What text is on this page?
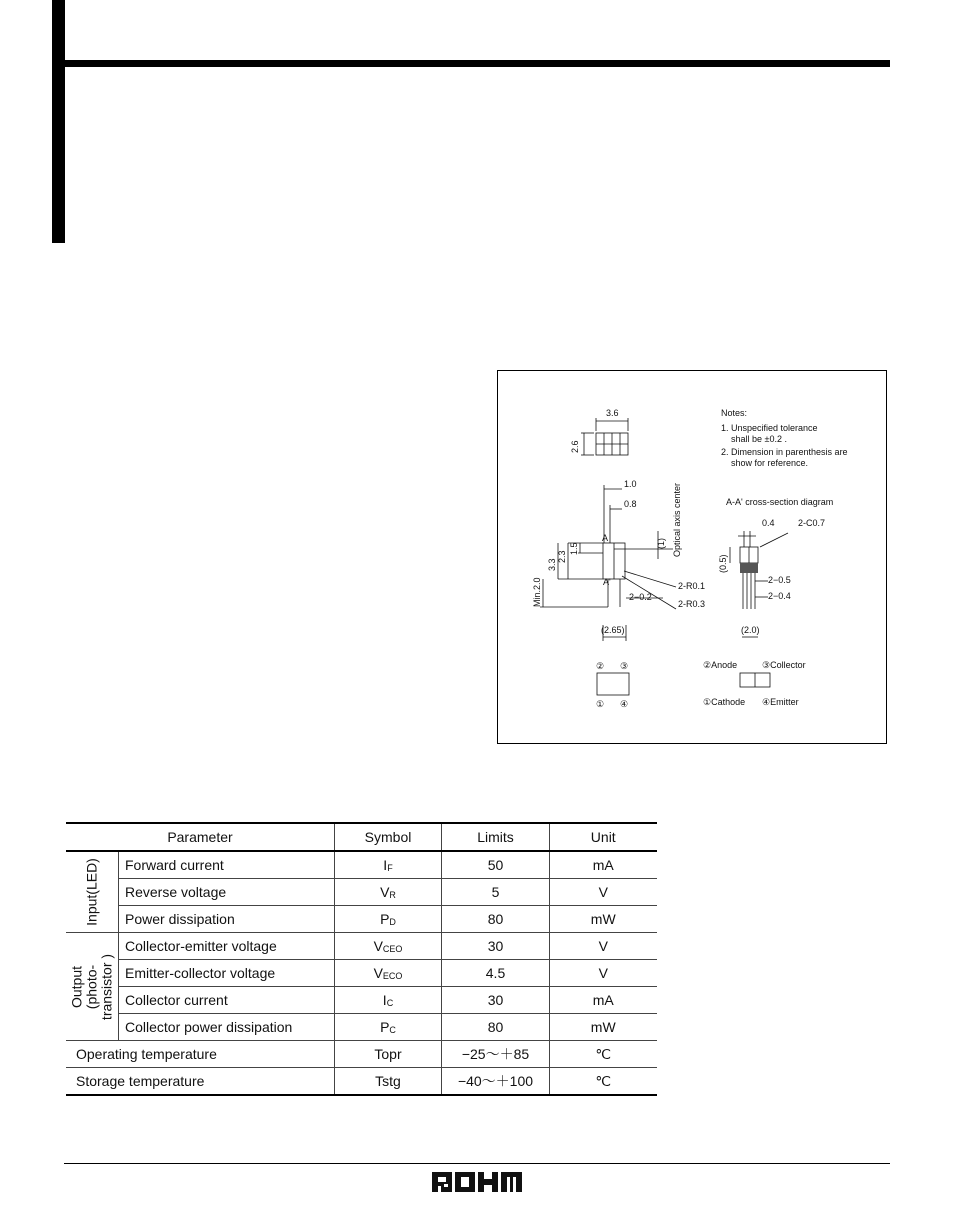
3.6
2.6
1.0
0.8
(1) Optical axis center
A
A'
1.5
2.3
3.3
Min.2.0	2-R0.1
2-R0.3
2−0.2
(2.65)
Notes:
1. Unspecified tolerance
shall be ±0.2 .
2. Dimension in parenthesis are
show for reference.
A-A' cross-section diagram
0.4	2-C0.7
(0.5)
2−0.5
2−0.4
(2.0)
② ③
① ④
②Anode	③Collector
①Cathode ④Emitter
Parameter		Symbol	Limits	Unit

Input(LED)	Forward current	$I_F$	50	mA
	Reverse voltage	$V_R$	5	V
	Power dissipation	$P_D$	80	mW

Output (photo- transistor )	Collector-emitter voltage	$V_{CEO}$	30	V
	Emitter-collector voltage	$V_{ECO}$	4.5	V
	Collector current	$I_C$	30	mA
	Collector power dissipation	$P_C$	80	mW
Operating temperature		Topr	−25～＋85	℃
Storage temperature		Tstg	−40～＋100	℃
